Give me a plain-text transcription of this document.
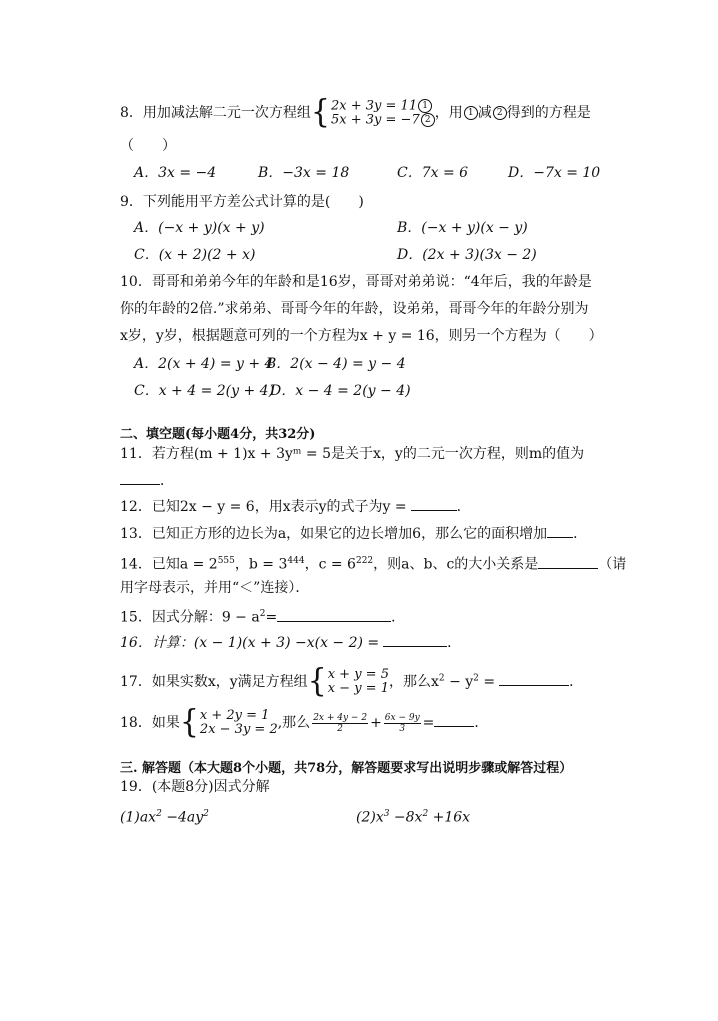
8．用加减法解二元一次方程组 { 2x + 3y = 11 1
5x + 3y = −7 2 ，用 1 减 2 得到的方程是
（　　）
A．3x = −4	B．−3x = 18	C．7x = 6	D．−7x = 10
9．下列能用平方差公式计算的是(　　)
A．(−x + y)(x + y)	B．(−x + y)(x − y)
C．(x + 2)(2 + x)	D．(2x + 3)(3x − 2)
10．哥哥和弟弟今年的年龄和是16岁，哥哥对弟弟说：“4年后，我的年龄是
你的年龄的2倍.”求弟弟、哥哥今年的年龄，设弟弟，哥哥今年的年龄分别为
x岁，y岁，根据题意可列的一个方程为x + y = 16，则另一个方程为（　　）
A．2(x + 4) = y + 4
B．2(x − 4) = y − 4
C．x + 4 = 2(y + 4)
D．x − 4 = 2(y − 4)
二、填空题(每小题4分，共32分)
11．若方程(m + 1)x + 3yᵐ = 5是关于x，y的二元一次方程，则m的值为
．
12．已知2x − y = 6，用x表示y的式子为y =	．
13．已知正方形的边长为a，如果它的边长增加6，那么它的面积增加 ．
14．已知$a = 2^{555}$，$b = 3^{444}$，$c = 6^{222}$，则a、b、c的大小关系是	（请
用字母表示，并用“＜”连接）．
15．因式分解：$9 - a^2=$	．
16．计算：(x − 1)(x + 3) −x(x − 2) =	．
17．如果实数x，y满足方程组 { x + y = 5
x − y = 1 ，那么$x^2 - y^2$ =	．
18．如果 { x + 2y = 1
2x − 3y = 2 ,那么 $\frac{2x + 4y - 2}{2} + \frac{6x - 9y}{3}$ =	．
三. 解答题（本大题8个小题，共78分，解答题要求写出说明步骤或解答过程）
19．(本题8分)因式分解
$(1)ax^2 -4ay^2$	$(2)x^3 -8x^2 +16x$
